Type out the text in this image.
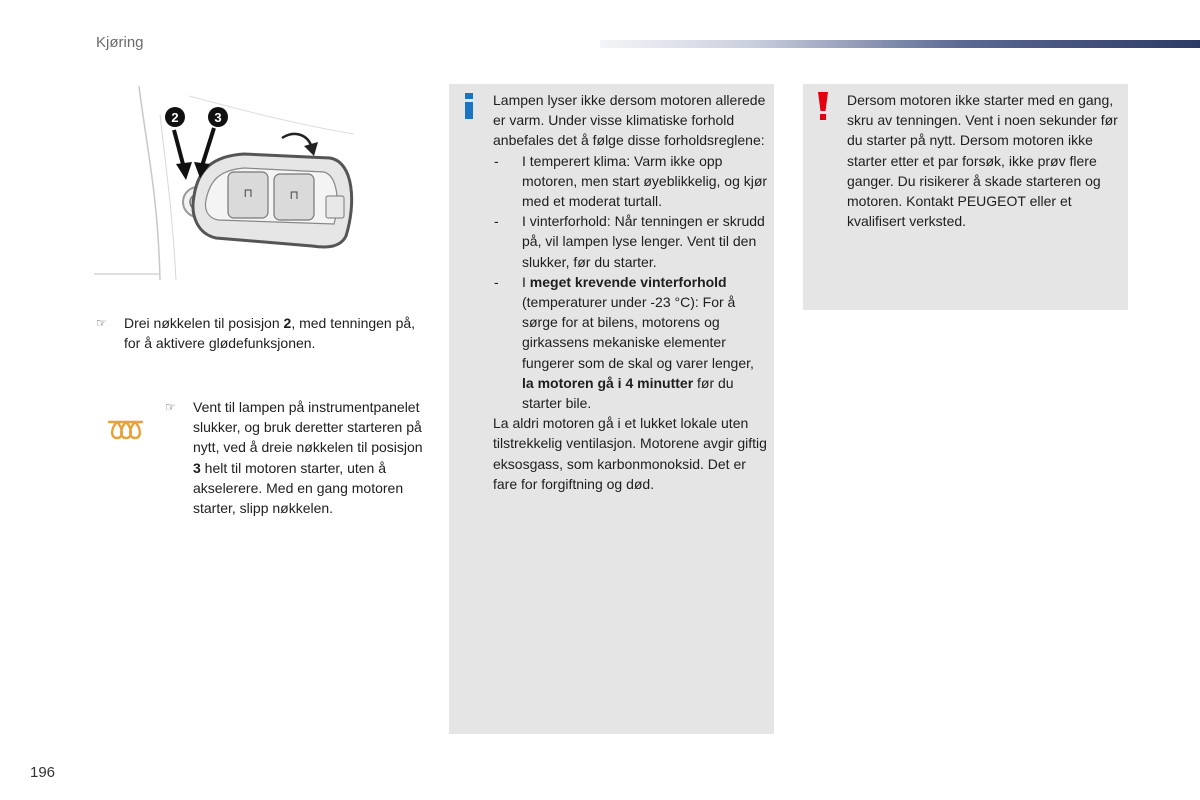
Kjøring
⊓	⊓
2	3
☞ Drei nøkkelen til posisjon 2, med tenningen på, for å aktivere glødefunksjonen.
☞ Vent til lampen på instrumentpanelet slukker, og bruk deretter starteren på nytt, ved å dreie nøkkelen til posisjon 3 helt til motoren starter, uten å akselerere. Med en gang motoren starter, slipp nøkkelen.
Lampen lyser ikke dersom motoren allerede er varm. Under visse klimatiske forhold anbefales det å følge disse forholdsreglene:
-	I temperert klima: Varm ikke opp motoren, men start øyeblikkelig, og kjør med et moderat turtall.
-	I vinterforhold: Når tenningen er skrudd på, vil lampen lyse lenger. Vent til den slukker, før du starter.
-	I meget krevende vinterforhold (temperaturer under -23 °C): For å sørge for at bilens, motorens og girkassens mekaniske elementer fungerer som de skal og varer lenger, la motoren gå i 4 minutter før du starter bile.
La aldri motoren gå i et lukket lokale uten tilstrekkelig ventilasjon. Motorene avgir giftig eksosgass, som karbonmonoksid. Det er fare for forgiftning og død.
Dersom motoren ikke starter med en gang, skru av tenningen. Vent i noen sekunder før du starter på nytt. Dersom motoren ikke starter etter et par forsøk, ikke prøv flere ganger. Du risikerer å skade starteren og motoren. Kontakt PEUGEOT eller et kvalifisert verksted.
196
